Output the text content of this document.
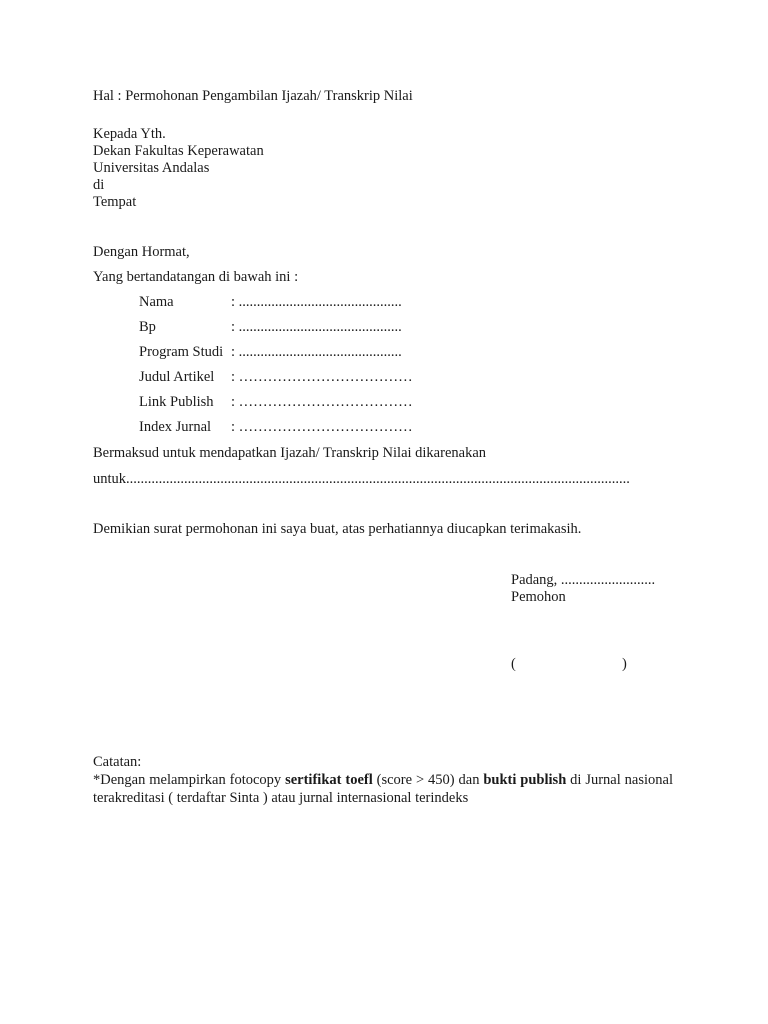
Hal : Permohonan Pengambilan Ijazah/ Transkrip Nilai
Kepada Yth.
Dekan Fakultas Keperawatan
Universitas Andalas
di
Tempat
Dengan Hormat,
Yang bertandatangan di bawah ini :
Nama	: .............................................
Bp	: .............................................
Program Studi : .............................................
Judul Artikel : ………………………………
Link Publish : ………………………………
Index Jurnal : ………………………………
Bermaksud untuk mendapatkan Ijazah/ Transkrip Nilai dikarenakan
untuk...........................................................................................................................................
Demikian surat permohonan ini saya buat, atas perhatiannya diucapkan terimakasih.
Padang, ..........................
Pemohon
(	)
Catatan:
*Dengan melampirkan fotocopy sertifikat toefl (score > 450) dan bukti publish di Jurnal nasional terakreditasi ( terdaftar Sinta ) atau jurnal internasional terindeks
